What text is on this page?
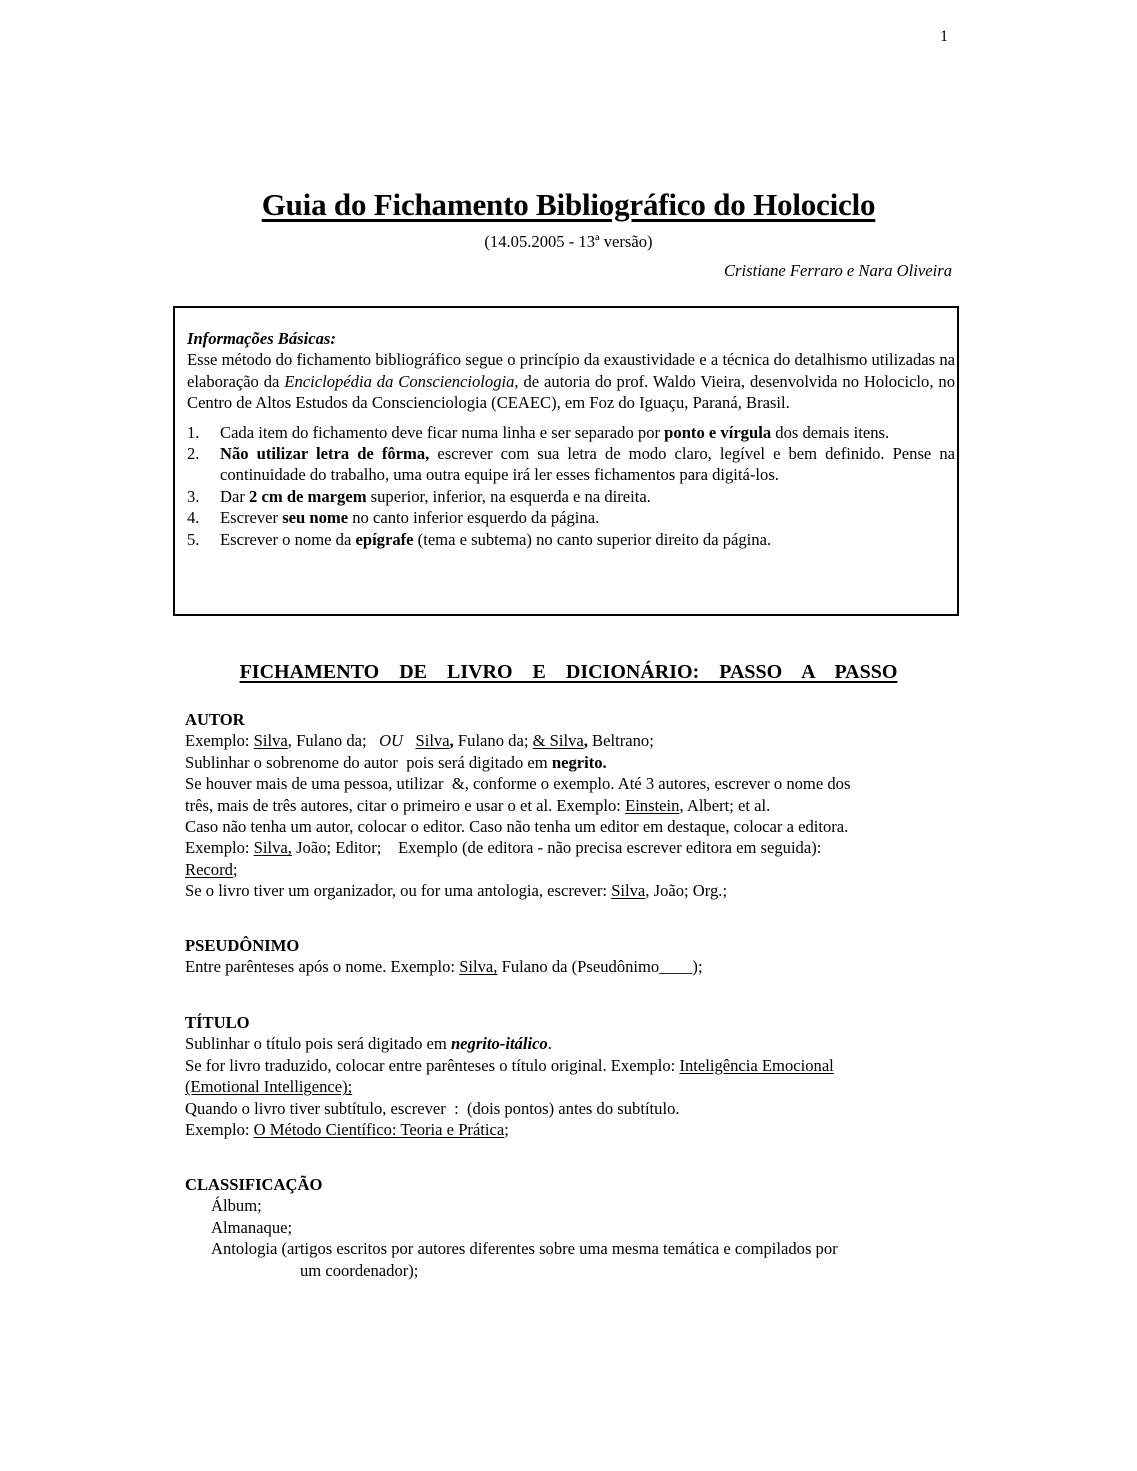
1
Guia do Fichamento Bibliográfico do Holociclo
(14.05.2005 - 13ª versão)
Cristiane Ferraro e Nara Oliveira
Informações Básicas:
Esse método do fichamento bibliográfico segue o princípio da exaustividade e a técnica do detalhismo utilizadas na elaboração da Enciclopédia da Conscienciologia, de autoria do prof. Waldo Vieira, desenvolvida no Holociclo, no Centro de Altos Estudos da Conscienciologia (CEAEC), em Foz do Iguaçu, Paraná, Brasil.
1.	Cada item do fichamento deve ficar numa linha e ser separado por ponto e vírgula dos demais itens.
2.	Não utilizar letra de fôrma, escrever com sua letra de modo claro, legível e bem definido. Pense na continuidade do trabalho, uma outra equipe irá ler esses fichamentos para digitá-los.
3.	Dar 2 cm de margem superior, inferior, na esquerda e na direita.
4.	Escrever seu nome no canto inferior esquerdo da página.
5.	Escrever o nome da epígrafe (tema e subtema) no canto superior direito da página.
FICHAMENTO  DE  LIVRO  E  DICIONÁRIO:  PASSO  A  PASSO
AUTOR
Exemplo: Silva, Fulano da;   OU Silva, Fulano da; & Silva, Beltrano;
Sublinhar o sobrenome do autor  pois será digitado em negrito.
Se houver mais de uma pessoa, utilizar  &, conforme o exemplo. Até 3 autores, escrever o nome dos
três, mais de três autores, citar o primeiro e usar o et al. Exemplo: Einstein, Albert; et al.
Caso não tenha um autor, colocar o editor. Caso não tenha um editor em destaque, colocar a editora.
Exemplo: Silva, João; Editor;    Exemplo (de editora - não precisa escrever editora em seguida):
Record;
Se o livro tiver um organizador, ou for uma antologia, escrever: Silva, João; Org.;
PSEUDÔNIMO
Entre parênteses após o nome. Exemplo: Silva, Fulano da (Pseudônimo____);
TÍTULO
Sublinhar o título pois será digitado em negrito-itálico.
Se for livro traduzido, colocar entre parênteses o título original. Exemplo: Inteligência Emocional
(Emotional Intelligence);
Quando o livro tiver subtítulo, escrever  :  (dois pontos) antes do subtítulo.
Exemplo: O Método Científico: Teoria e Prática;
CLASSIFICAÇÃO
Álbum;
Almanaque;
Antologia (artigos escritos por autores diferentes sobre uma mesma temática e compilados por
um coordenador);
